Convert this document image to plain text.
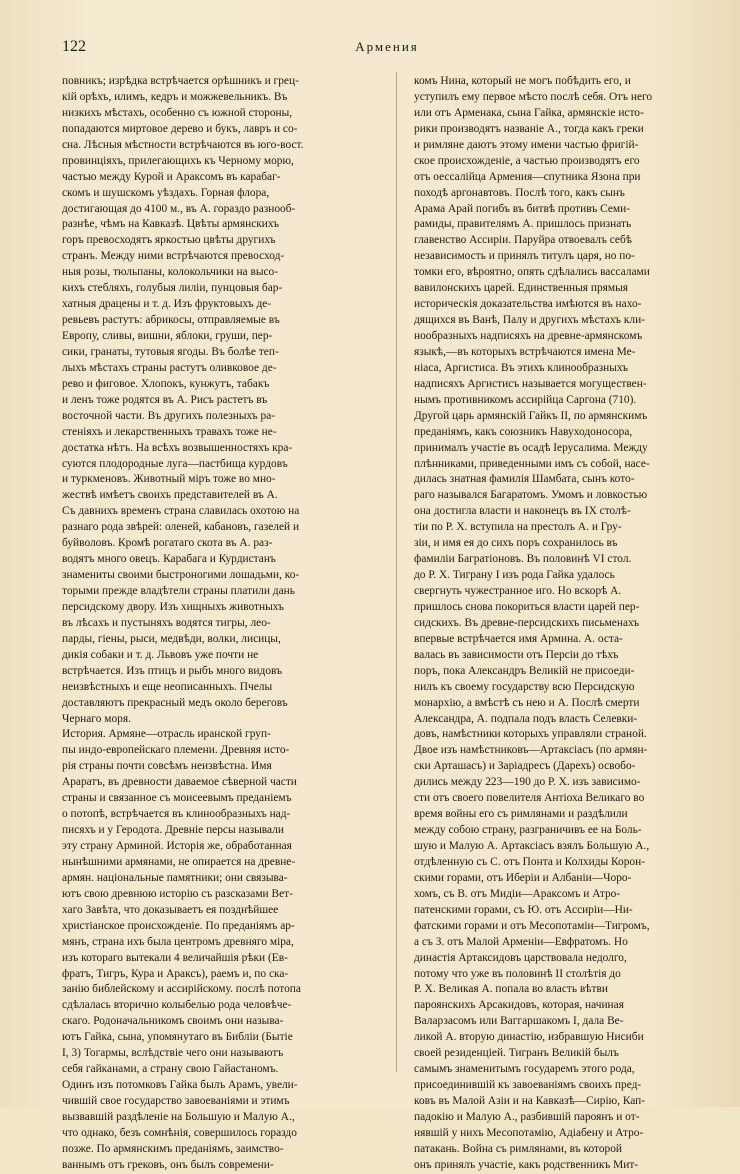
122	Армения
повникъ; изрѣдка встрѣчается орѣшникъ и грец-
кій орѣхъ, илимъ, кедръ и можжевельникъ. Въ
низкихъ мѣстахъ, особенно съ южной стороны,
попадаются миртовое дерево и букъ, лавръ и со-
сна. Лѣсныя мѣстности встрѣчаются въ юго-вост.
провинціяхъ, прилегающихъ къ Черному морю,
частью между Курой и Араксомъ въ карабаг-
скомъ и шушскомъ уѣздахъ. Горная флора,
достигающая до 4100 м., въ А. гораздо разнооб-
разнѣе, чѣмъ на Кавказѣ. Цвѣты армянскихъ
горъ превосходятъ яркостью цвѣты другихъ
странъ. Между ними встрѣчаются превосход-
ныя розы, тюльпаны, колокольчики на высо-
кихъ стебляхъ, голубыя лиліи, пунцовыя бар-
хатныя драцены и т. д. Изъ фруктовыхъ де-
ревьевъ растутъ: абрикосы, отправляемые въ
Европу, сливы, вишни, яблоки, груши, пер-
сики, гранаты, тутовыя ягоды. Въ болѣе теп-
лыхъ мѣстахъ страны растутъ оливковое де-
рево и фиговое. Хлопокъ, кунжутъ, табакъ
и ленъ тоже родятся въ А. Рисъ растетъ въ
восточной части. Въ другихъ полезныхъ ра-
стеніяхъ и лекарственныхъ травахъ тоже не-
достатка нѣтъ. На всѣхъ возвышенностяхъ кра-
суются плодородные луга—пастбища курдовъ
и туркменовъ. Животный міръ тоже во мно-
жествѣ имѣетъ своихъ представителей въ А.
Съ давнихъ временъ страна славилась охотою на
разнаго рода звѣрей: оленей, кабановъ, газелей и
буйволовъ. Кромѣ рогатаго скота въ А. раз-
водятъ много овецъ. Карабага и Курдистанъ
знамениты своими быстроногими лошадьми, ко-
торыми прежде владѣтели страны платили дань
персидскому двору. Изъ хищныхъ животныхъ
въ лѣсахъ и пустыняхъ водятся тигры, лео-
парды, гіены, рыси, медвѣди, волки, лисицы,
дикія собаки и т. д. Львовъ уже почти не
встрѣчается. Изъ птицъ и рыбъ много видовъ
неизвѣстныхъ и еще неописанныхъ. Пчелы
доставляютъ прекрасный медъ около береговъ
Чернаго моря.
История. Армяне—отрасль иранской груп-
пы индо-европейскаго племени. Древняя исто-
рія страны почти совсѣмъ неизвѣстна. Имя
Араратъ, въ древности даваемое сѣверной части
страны и связанное съ моисеевымъ преданіемъ
о потопѣ, встрѣчается въ клинообразныхъ над-
писяхъ и у Геродота. Древніе персы называли
эту страну Арминой. Исторія же, обработанная
нынѣшними армянами, не опирается на древне-
армян. національные памятники; они связыва-
ютъ свою древнюю исторію съ разсказами Вет-
хаго Завѣта, что доказываетъ ея позднѣйшее
христіанское происхожденіе. По преданіямъ ар-
мянъ, страна ихъ была центромъ древняго міра,
изъ котораго вытекали 4 величайшія рѣки (Ев-
фратъ, Тигръ, Кура и Араксъ), раемъ и, по ска-
занію библейскому и ассирійскому. послѣ потопа
сдѣлалась вторично колыбелью рода человѣче-
скаго. Родоначальникомъ своимъ они называ-
ютъ Гайка, сына, упомянутаго въ Библіи (Бытіе
I, 3) Тогармы, вслѣдствіе чего они называютъ
себя гайканами, а страну свою Гайастаномъ.
Одинъ изъ потомковъ Гайка былъ Арамъ, увели-
чившій свое государство завоеваніями и этимъ
вызвавшій раздѣленіе на Большую и Малую А.,
что однако, безъ сомнѣнія, совершилось гораздо
позже. По армянскимъ преданіямъ, заимство-
ваннымъ отъ грековъ, онъ былъ современи-
комъ Нина, который не могъ побѣдить его, и
уступилъ ему первое мѣсто послѣ себя. Отъ него
или отъ Арменака, сына Гайка, армянскіе исто-
рики производятъ названіе А., тогда какъ греки
и римляне даютъ этому имени частью фригій-
ское происхожденіе, а частью производятъ его
отъ оессалійца Армения—спутника Язона при
походѣ аргонавтовъ. Послѣ того, какъ сынъ
Арама Арай погибъ въ битвѣ противъ Семи-
рамиды, правителямъ А. пришлось признать
главенство Ассиріи. Паруйра отвоевалъ себѣ
независимость и принялъ титулъ царя, но по-
томки его, вѣроятно, опять сдѣлались вассалами
вавилонскихъ царей. Единственныя прямыя
историческія доказательства имѣются въ нахо-
дящихся въ Ванѣ, Палу и другихъ мѣстахъ кли-
нообразныхъ надписяхъ на древне-армянскомъ
языкѣ,—въ которыхъ встрѣчаются имена Ме-
ніаса, Аргистиса. Въ этихъ клинообразныхъ
надписяхъ Аргистисъ называется могуществен-
нымъ противникомъ ассирійца Саргона (710).
Другой царь армянскій Гайкъ II, по армянскимъ
преданіямъ, какъ союзникъ Навуходоносора,
принималъ участіе въ осадѣ Іерусалима. Между
плѣнниками, приведенными имъ съ собой, насе-
дилась знатная фамилія Шамбата, сынъ кото-
раго назывался Багаратомъ. Умомъ и ловкостью
она достигла власти и наконецъ въ IX столѣ-
тіи по Р. Х. вступила на престолъ А. и Гру-
зіи, и имя ея до сихъ поръ сохранилось въ
фамиліи Багратіоновъ. Въ половинѣ VI стол.
до Р. Х. Тиграну I изъ рода Гайка удалось
свергнуть чужестранное иго. Но вскорѣ А.
пришлось снова покориться власти царей пер-
сидскихъ. Въ древне-персидскихъ письменахъ
впервые встрѣчается имя Армина. А. оста-
валась въ зависимости отъ Персіи до тѣхъ
поръ, пока Александръ Великій не присоеди-
нилъ къ своему государству всю Персидскую
монархію, а вмѣстѣ съ нею и А. Послѣ смерти
Александра, А. подпала подъ власть Селевки-
довъ, намѣстники которыхъ управляли страной.
Двое изъ намѣстниковъ—Артаксіасъ (по армян-
ски Арташасъ) и Заріадресъ (Дарехъ) освобо-
дились между 223—190 до Р. Х. изъ зависимо-
сти отъ своего повелителя Антіоха Великаго во
время войны его съ римлянами и раздѣлили
между собою страну, разграничивъ ее на Боль-
шую и Малую А. Артаксіасъ взялъ Большую А.,
отдѣленную съ С. отъ Понта и Колхиды Корон-
скими горами, отъ Иберіи и Албаніи—Чоро-
хомъ, съ В. отъ Мидіи—Араксомъ и Атро-
патенскими горами, съ Ю. отъ Ассиріи—Ни-
фатскими горами и отъ Месопотаміи—Тигромъ,
а съ З. отъ Малой Арменіи—Евфратомъ. Но
династія Артаксидовъ царствовала недолго,
потому что уже въ половинѣ II столѣтія до
Р. Х. Великая А. попала во власть вѣтви
пароянскихъ Арсакидовъ, которая, начиная
Валарзасомъ или Ваггаршакомъ I, дала Ве-
ликой А. вторую династію, избравшую Нисиби
своей резиденціей. Тигранъ Великій былъ
самымъ знаменитымъ государемъ этого рода,
присоединившій къ завоеваніямъ своихъ пред-
ковъ въ Малой Азіи и на Кавказѣ—Сирію, Кап-
падокію и Малую А., разбившій пароянъ и от-
нявшій у нихъ Месопотамію, Адіабену и Атро-
патакань. Война съ римлянами, въ которой
онъ принялъ участіе, какъ родственникъ Мит-
